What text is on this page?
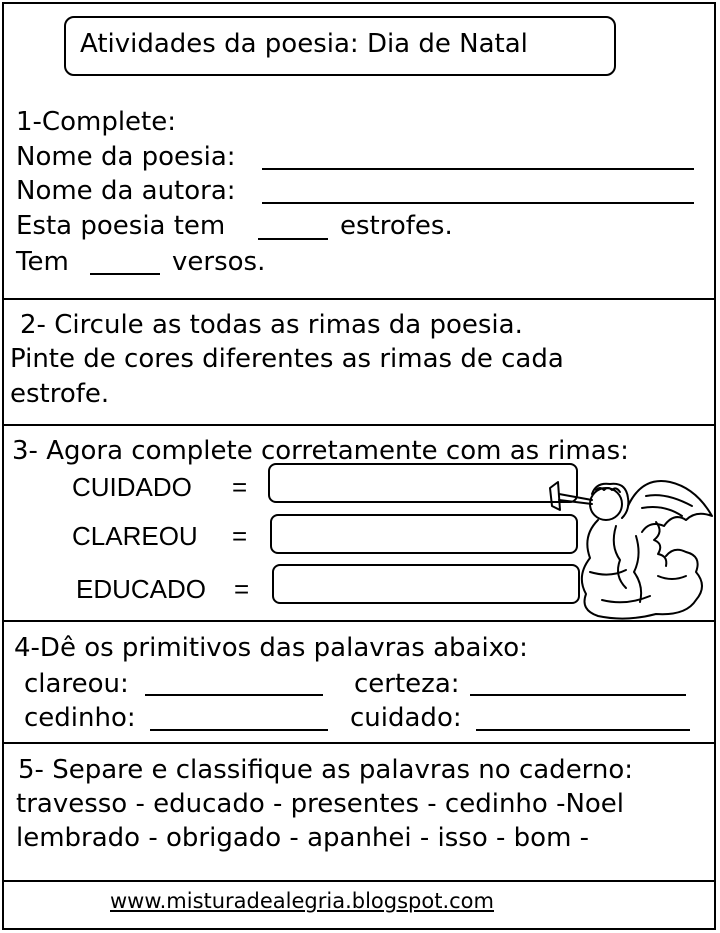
Atividades da poesia: Dia de Natal
1-Complete:
Nome da poesia:
Nome da autora:
Esta poesia tem	estrofes.
Tem	versos.
2- Circule as todas as rimas da poesia.
Pinte de cores diferentes as rimas de cada
estrofe.
3- Agora complete corretamente com as rimas:
CUIDADO =
CLAREOU =
EDUCADO =
4-Dê os primitivos das palavras abaixo:
clareou:	certeza:
cedinho:	cuidado:
5- Separe e classifique as palavras no caderno:
travesso - educado - presentes - cedinho -Noel
lembrado - obrigado - apanhei - isso - bom -
www.misturadealegria.blogspot.com
